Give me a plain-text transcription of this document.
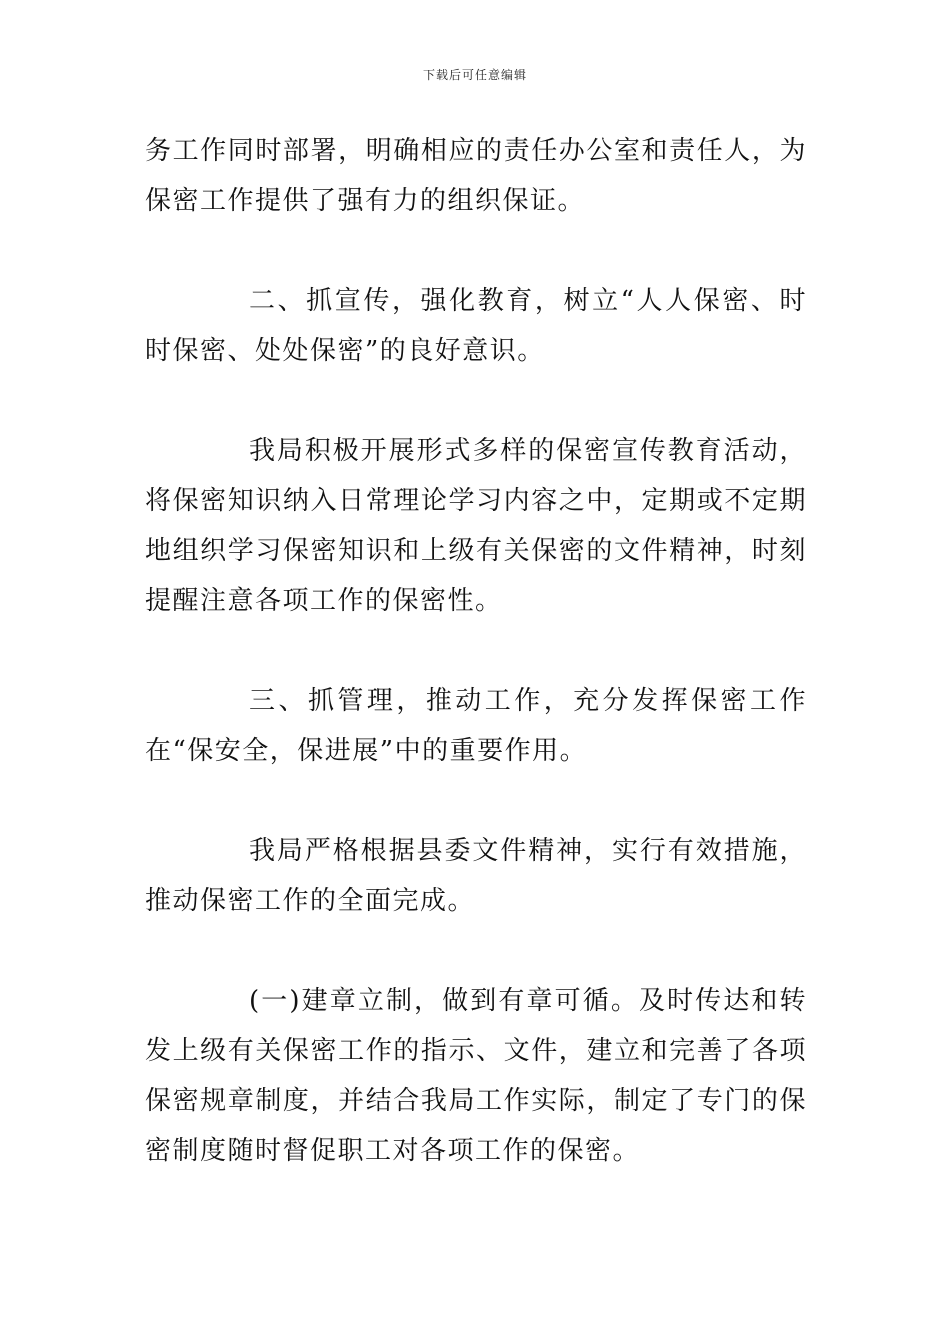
下载后可任意编辑

务工作同时部署，明确相应的责任办公室和责任人，为保密工作提供了强有力的组织保证。

二、抓宣传，强化教育，树立“人人保密、时时保密、处处保密”的良好意识。

我局积极开展形式多样的保密宣传教育活动，将保密知识纳入日常理论学习内容之中，定期或不定期地组织学习保密知识和上级有关保密的文件精神，时刻提醒注意各项工作的保密性。

三、抓管理，推动工作，充分发挥保密工作在“保安全，保进展”中的重要作用。

我局严格根据县委文件精神，实行有效措施，推动保密工作的全面完成。

(一)建章立制，做到有章可循。及时传达和转发上级有关保密工作的指示、文件，建立和完善了各项保密规章制度，并结合我局工作实际，制定了专门的保密制度随时督促职工对各项工作的保密。
